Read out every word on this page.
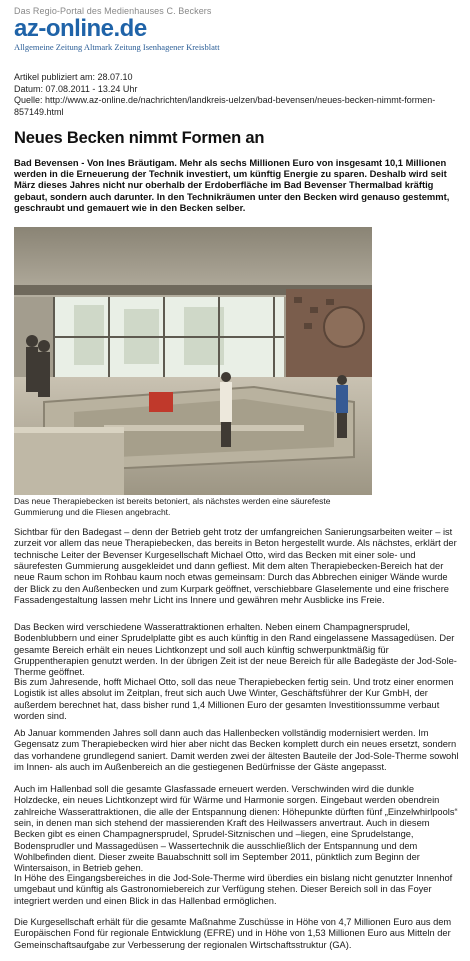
Das Regio-Portal des Medienhauses C. Beckers
az-online.de
Allgemeine Zeitung Altmark Zeitung Isenhagener Kreisblatt
Artikel publiziert am: 28.07.10
Datum: 07.08.2011 - 13.24 Uhr
Quelle: http://www.az-online.de/nachrichten/landkreis-uelzen/bad-bevensen/neues-becken-nimmt-formen-
857149.html
Neues Becken nimmt Formen an
Bad Bevensen - Von Ines Bräutigam. Mehr als sechs Millionen Euro von insgesamt 10,1 Millionen werden in die Erneuerung der Technik investiert, um künftig Energie zu sparen. Deshalb wird seit März dieses Jahres nicht nur oberhalb der Erdoberfläche im Bad Bevenser Thermalbad kräftig gebaut, sondern auch darunter. In den Technikräumen unter den Becken wird genauso gestemmt, geschraubt und gemauert wie in den Becken selber.
Das neue Therapiebecken ist bereits betoniert, als nächstes werden eine säurefeste Gummierung und die Fliesen angebracht.

Sichtbar für den Badegast – denn der Betrieb geht trotz der umfangreichen Sanierungsarbeiten weiter – ist zurzeit vor allem das neue Therapiebecken, das bereits in Beton hergestellt wurde. Als nächstes, erklärt der technische Leiter der Bevenser Kurgesellschaft Michael Otto, wird das Becken mit einer sole- und säurefesten Gummierung ausgekleidet und dann gefliest. Mit dem alten Therapiebecken-Bereich hat der neue Raum schon im Rohbau kaum noch etwas gemeinsam: Durch das Abbrechen einiger Wände wurde der Blick zu den Außenbecken und zum Kurpark geöffnet, verschiebbare Glaselemente und eine frischere Fassadengestaltung lassen mehr Licht ins Innere und gewähren mehr Ausblicke ins Freie.

Das Becken wird verschiedene Wasserattraktionen erhalten. Neben einem Champagnersprudel, Bodenblubbern und einer Sprudelplatte gibt es auch künftig in den Rand eingelassene Massagedüsen. Der gesamte Bereich erhält ein neues Lichtkonzept und soll auch künftig schwerpunktmäßig für Gruppentherapien genutzt werden. In der übrigen Zeit ist der neue Bereich für alle Badegäste der Jod-Sole-Therme geöffnet.

Bis zum Jahresende, hofft Michael Otto, soll das neue Therapiebecken fertig sein. Und trotz einer enormen Logistik ist alles absolut im Zeitplan, freut sich auch Uwe Winter, Geschäftsführer der Kur GmbH, der außerdem berechnet hat, dass bisher rund 1,4 Millionen Euro der gesamten Investitionssumme verbaut worden sind.

Ab Januar kommenden Jahres soll dann auch das Hallenbecken vollständig modernisiert werden. Im Gegensatz zum Therapiebecken wird hier aber nicht das Becken komplett durch ein neues ersetzt, sondern das vorhandene grundlegend saniert. Damit werden zwei der ältesten Bauteile der Jod-Sole-Therme sowohl im Innen- als auch im Außenbereich an die gestiegenen Bedürfnisse der Gäste angepasst.

Auch im Hallenbad soll die gesamte Glasfassade erneuert werden. Verschwinden wird die dunkle Holzdecke, ein neues Lichtkonzept wird für Wärme und Harmonie sorgen. Eingebaut werden obendrein zahlreiche Wasserattraktionen, die alle der Entspannung dienen: Höhepunkte dürften fünf „Einzelwhirlpools“ sein, in denen man sich stehend der massierenden Kraft des Heilwassers anvertraut. Auch in diesem Becken gibt es einen Champagnersprudel, Sprudel-Sitznischen und –liegen, eine Sprudelstange, Bodensprudler und Massagedüsen – Wassertechnik die ausschließlich der Entspannung und dem Wohlbefinden dient. Dieser zweite Bauabschnitt soll im September 2011, pünktlich zum Beginn der Wintersaison, in Betrieb gehen.

In Höhe des Eingangsbereiches in die Jod-Sole-Therme wird überdies ein bislang nicht genutzter Innenhof umgebaut und künftig als Gastronomiebereich zur Verfügung stehen. Dieser Bereich soll in das Foyer integriert werden und einen Blick in das Hallenbad ermöglichen.

Die Kurgesellschaft erhält für die gesamte Maßnahme Zuschüsse in Höhe von 4,7 Millionen Euro aus dem Europäischen Fond für regionale Entwicklung (EFRE) und in Höhe von 1,53 Millionen Euro aus Mitteln der Gemeinschaftsaufgabe zur Verbesserung der regionalen Wirtschaftsstruktur (GA).
